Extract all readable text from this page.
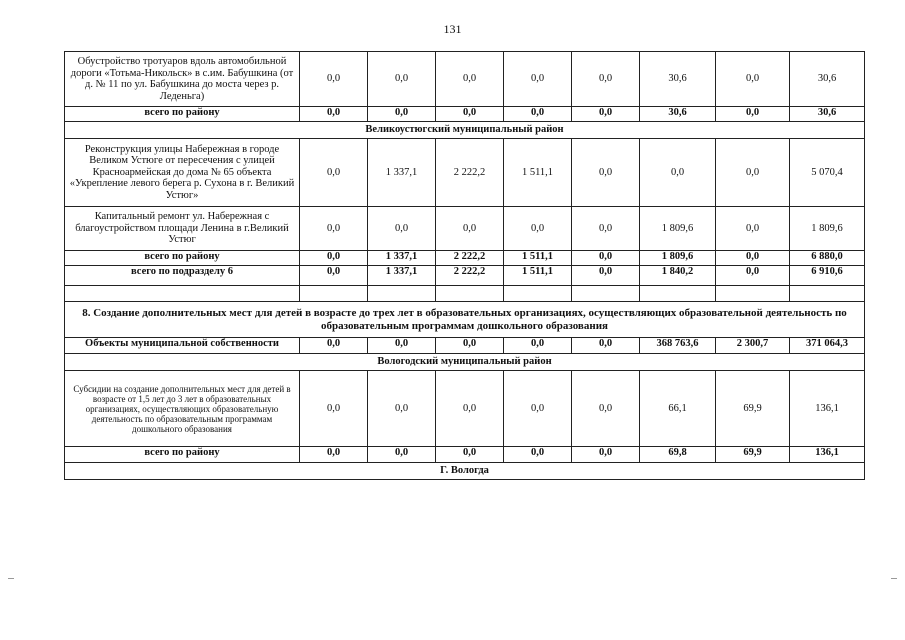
131
Обустройство тротуаров вдоль автомобильной дороги «Тотьма-Никольск» в с.им. Бабушкина (от д. № 11 по ул. Бабушкина до моста через р. Леденьга)	0,0	0,0	0,0	0,0	0,0	30,6	0,0	30,6
всего по району	0,0	0,0	0,0	0,0	0,0	30,6	0,0	30,6
Великоустюгский муниципальный район								
Реконструкция улицы Набережная в городе Великом Устюге от пересечения с улицей Красноармейская до дома № 65 объекта «Укрепление левого берега р. Сухона в г. Великий Устюг»	0,0	1 337,1	2 222,2	1 511,1	0,0	0,0	0,0	5 070,4
Капитальный ремонт ул. Набережная с благоустройством площади Ленина в г.Великий Устюг	0,0	0,0	0,0	0,0	0,0	1 809,6	0,0	1 809,6
всего по району	0,0	1 337,1	2 222,2	1 511,1	0,0	1 809,6	0,0	6 880,0
всего по подразделу 6	0,0	1 337,1	2 222,2	1 511,1	0,0	1 840,2	0,0	6 910,6

8. Создание дополнительных мест для детей в возрасте до трех лет в образовательных организациях, осуществляющих образовательной деятельность по образовательным программам дошкольного образования								
Объекты муниципальной собственности	0,0	0,0	0,0	0,0	0,0	368 763,6	2 300,7	371 064,3
Вологодский муниципальный район								
Субсидии на создание дополнительных мест для детей в возрасте от 1,5 лет до 3 лет в образовательных организациях, осуществляющих образовательную деятельность по образовательным программам дошкольного образования	0,0	0,0	0,0	0,0	0,0	66,1	69,9	136,1
всего по району	0,0	0,0	0,0	0,0	0,0	69,8	69,9	136,1
Г. Вологда								
